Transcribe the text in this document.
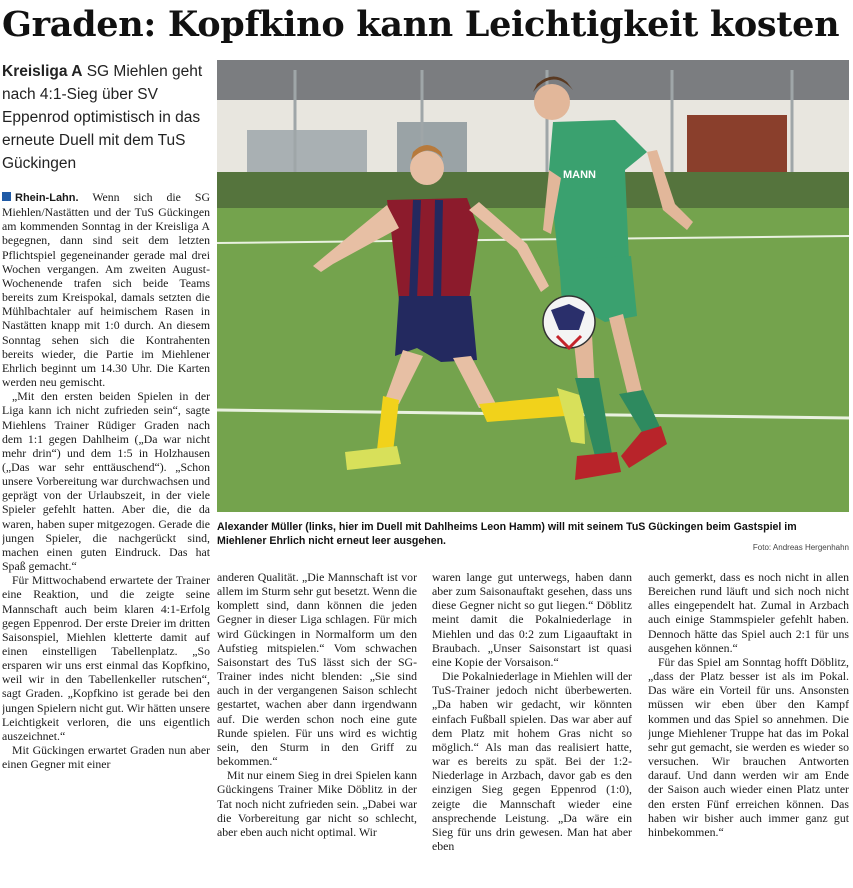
Graden: Kopfkino kann Leichtigkeit kosten
Kreisliga A SG Miehlen geht nach 4:1-Sieg über SV Eppenrod optimistisch in das erneute Duell mit dem TuS Gückingen

Rhein-Lahn. Wenn sich die SG Miehlen/Nastätten und der TuS Gückingen am kommenden Sonntag in der Kreisliga A begegnen, dann sind seit dem letzten Pflichtspiel gegeneinander gerade mal drei Wochen vergangen. Am zweiten August-Wochenende trafen sich beide Teams bereits zum Kreispokal, damals setzten die Mühlbachtaler auf heimischem Rasen in Nastätten knapp mit 1:0 durch. An diesem Sonntag sehen sich die Kontrahenten bereits wieder, die Partie im Miehlener Ehrlich beginnt um 14.30 Uhr. Die Karten werden neu gemischt.

„Mit den ersten beiden Spielen in der Liga kann ich nicht zufrieden sein“, sagte Miehlens Trainer Rüdiger Graden nach dem 1:1 gegen Dahlheim („Da war nicht mehr drin“) und dem 1:5 in Holzhausen („Das war sehr enttäuschend“). „Schon unsere Vorbereitung war durchwachsen und geprägt von der Urlaubszeit, in der viele Spieler gefehlt hatten. Aber die, die da waren, haben super mitgezogen. Gerade die jungen Spieler, die nachgerückt sind, machen einen guten Eindruck. Das hat Spaß gemacht.“

Für Mittwochabend erwartete der Trainer eine Reaktion, und die zeigte seine Mannschaft auch beim klaren 4:1-Erfolg gegen Eppenrod. Der erste Dreier im dritten Saisonspiel, Miehlen kletterte damit auf einen einstelligen Tabellenplatz. „So ersparen wir uns erst einmal das Kopfkino, weil wir in den Tabellenkeller rutschen“, sagt Graden. „Kopfkino ist gerade bei den jungen Spielern nicht gut. Wir hätten unsere Leichtigkeit verloren, die uns eigentlich auszeichnet.“

Mit Gückingen erwartet Graden nun aber einen Gegner mit einer

MANN
Alexander Müller (links, hier im Duell mit Dahlheims Leon Hamm) will mit seinem TuS Gückingen beim Gastspiel im Miehlener Ehrlich nicht erneut leer ausgehen.
Foto: Andreas Hergenhahn

anderen Qualität. „Die Mannschaft ist vor allem im Sturm sehr gut besetzt. Wenn die komplett sind, dann können die jeden Gegner in dieser Liga schlagen. Für mich wird Gückingen in Normalform um den Aufstieg mitspielen.“ Vom schwachen Saisonstart des TuS lässt sich der SG-Trainer indes nicht blenden: „Sie sind auch in der vergangenen Saison schlecht gestartet, wachen aber dann irgendwann auf. Die werden schon noch eine gute Runde spielen. Für uns wird es wichtig sein, den Sturm in den Griff zu bekommen.“

Mit nur einem Sieg in drei Spielen kann Gückingens Trainer Mike Döblitz in der Tat noch nicht zufrieden sein. „Dabei war die Vorbereitung gar nicht so schlecht, aber eben auch nicht optimal. Wir

waren lange gut unterwegs, haben dann aber zum Saisonauftakt gesehen, dass uns diese Gegner nicht so gut liegen.“ Döblitz meint damit die Pokalniederlage in Miehlen und das 0:2 zum Ligaauftakt in Braubach. „Unser Saisonstart ist quasi eine Kopie der Vorsaison.“

Die Pokalniederlage in Miehlen will der TuS-Trainer jedoch nicht überbewerten. „Da haben wir gedacht, wir könnten einfach Fußball spielen. Das war aber auf dem Platz mit hohem Gras nicht so möglich.“ Als man das realisiert hatte, war es bereits zu spät. Bei der 1:2-Niederlage in Arzbach, davor gab es den einzigen Sieg gegen Eppenrod (1:0), zeigte die Mannschaft wieder eine ansprechende Leistung. „Da wäre ein Sieg für uns drin gewesen. Man hat aber eben

auch gemerkt, dass es noch nicht in allen Bereichen rund läuft und sich noch nicht alles eingependelt hat. Zumal in Arzbach auch einige Stammspieler gefehlt haben. Dennoch hätte das Spiel auch 2:1 für uns ausgehen können.“

Für das Spiel am Sonntag hofft Döblitz, „dass der Platz besser ist als im Pokal. Das wäre ein Vorteil für uns. Ansonsten müssen wir eben über den Kampf kommen und das Spiel so annehmen. Die junge Miehlener Truppe hat das im Pokal sehr gut gemacht, sie werden es wieder so versuchen. Wir brauchen Antworten darauf. Und dann werden wir am Ende der Saison auch wieder einen Platz unter den ersten Fünf erreichen können. Das haben wir bisher auch immer ganz gut hinbekommen.“
